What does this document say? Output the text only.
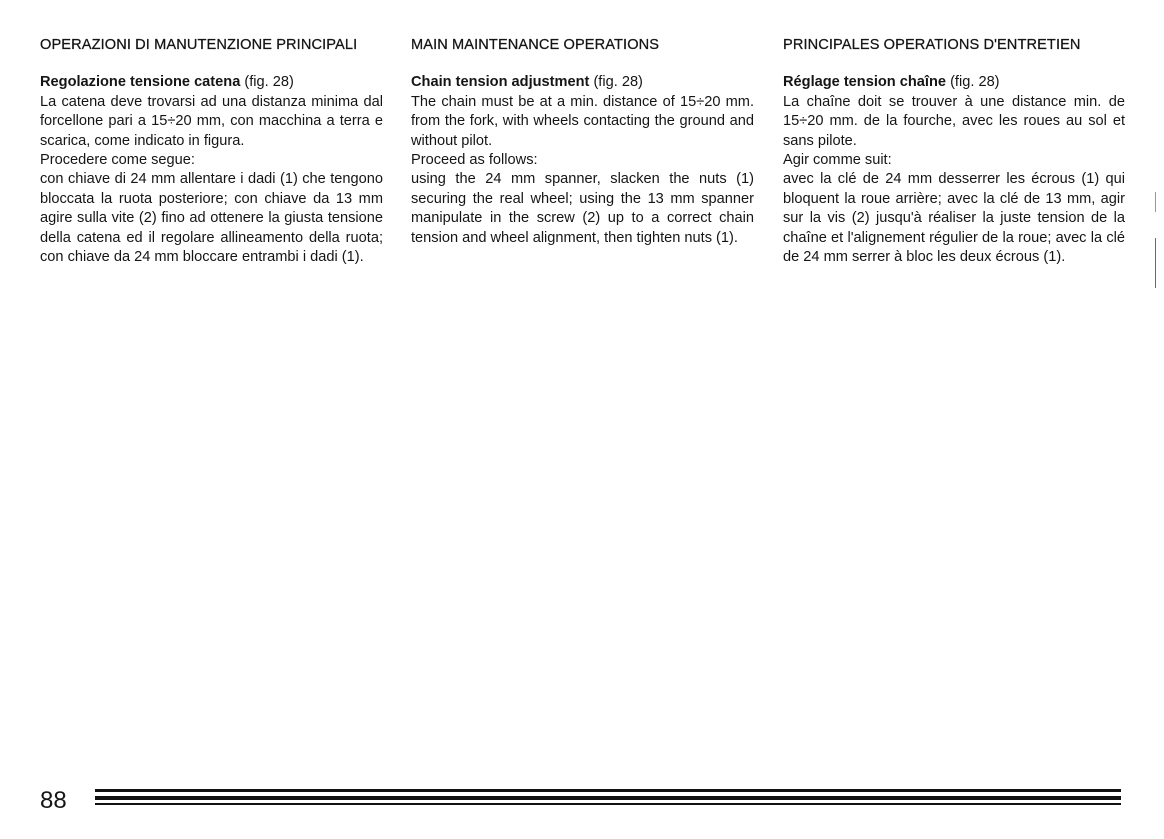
OPERAZIONI DI MANUTENZIONE PRINCIPALI

Regolazione tensione catena (fig. 28)

La catena deve trovarsi ad una distanza minima dal forcellone pari a 15÷20 mm, con macchina a terra e scarica, come indicato in figura.

Procedere come segue:

con chiave di 24 mm allentare i dadi (1) che tengono bloccata la ruota posteriore; con chiave da 13 mm agire sulla vite (2) fino ad ottenere la giusta tensione della catena ed il regolare allineamento della ruota; con chiave da 24 mm bloccare entrambi i dadi (1).

MAIN MAINTENANCE OPERATIONS

Chain tension adjustment (fig. 28)

The chain must be at a min. distance of 15÷20 mm. from the fork, with wheels contacting the ground and without pilot.

Proceed as follows:

using the 24 mm spanner, slacken the nuts (1) securing the real wheel; using the 13 mm spanner manipulate in the screw (2) up to a correct chain tension and wheel alignment, then tighten nuts (1).

PRINCIPALES OPERATIONS D'ENTRETIEN

Réglage tension chaîne (fig. 28)

La chaîne doit se trouver à une distance min. de 15÷20 mm. de la fourche, avec les roues au sol et sans pilote.

Agir comme suit:

avec la clé de 24 mm desserrer les écrous (1) qui bloquent la roue arrière; avec la clé de 13 mm, agir sur la vis (2) jusqu'à réaliser la juste tension de la chaîne et l'alignement régulier de la roue; avec la clé de 24 mm serrer à bloc les deux écrous (1).

88
